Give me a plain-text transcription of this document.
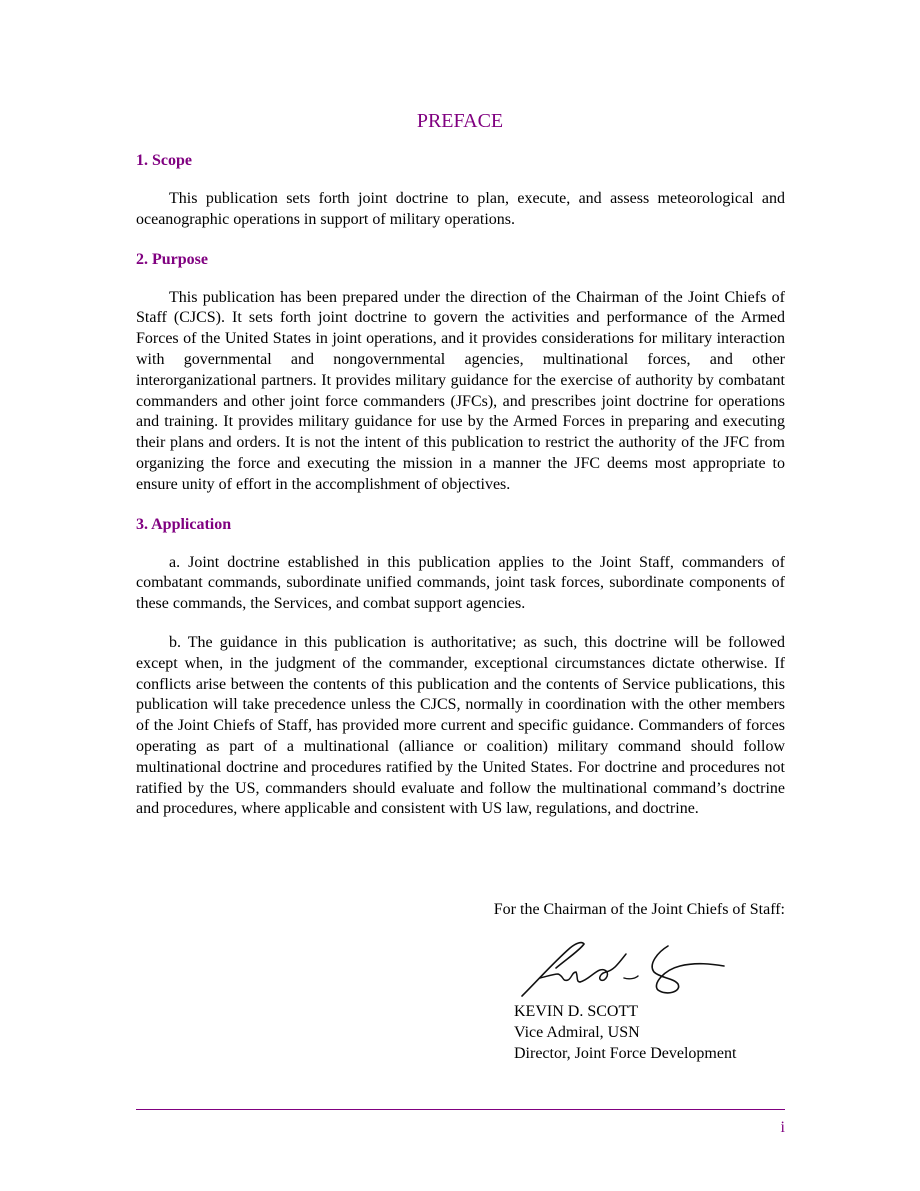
PREFACE
1. Scope

This publication sets forth joint doctrine to plan, execute, and assess meteorological and oceanographic operations in support of military operations.

2. Purpose

This publication has been prepared under the direction of the Chairman of the Joint Chiefs of Staff (CJCS). It sets forth joint doctrine to govern the activities and performance of the Armed Forces of the United States in joint operations, and it provides considerations for military interaction with governmental and nongovernmental agencies, multinational forces, and other interorganizational partners. It provides military guidance for the exercise of authority by combatant commanders and other joint force commanders (JFCs), and prescribes joint doctrine for operations and training. It provides military guidance for use by the Armed Forces in preparing and executing their plans and orders. It is not the intent of this publication to restrict the authority of the JFC from organizing the force and executing the mission in a manner the JFC deems most appropriate to ensure unity of effort in the accomplishment of objectives.

3. Application

a. Joint doctrine established in this publication applies to the Joint Staff, commanders of combatant commands, subordinate unified commands, joint task forces, subordinate components of these commands, the Services, and combat support agencies.

b. The guidance in this publication is authoritative; as such, this doctrine will be followed except when, in the judgment of the commander, exceptional circumstances dictate otherwise. If conflicts arise between the contents of this publication and the contents of Service publications, this publication will take precedence unless the CJCS, normally in coordination with the other members of the Joint Chiefs of Staff, has provided more current and specific guidance. Commanders of forces operating as part of a multinational (alliance or coalition) military command should follow multinational doctrine and procedures ratified by the United States. For doctrine and procedures not ratified by the US, commanders should evaluate and follow the multinational command’s doctrine and procedures, where applicable and consistent with US law, regulations, and doctrine.

For the Chairman of the Joint Chiefs of Staff:

KEVIN D. SCOTT
Vice Admiral, USN
Director, Joint Force Development
i
